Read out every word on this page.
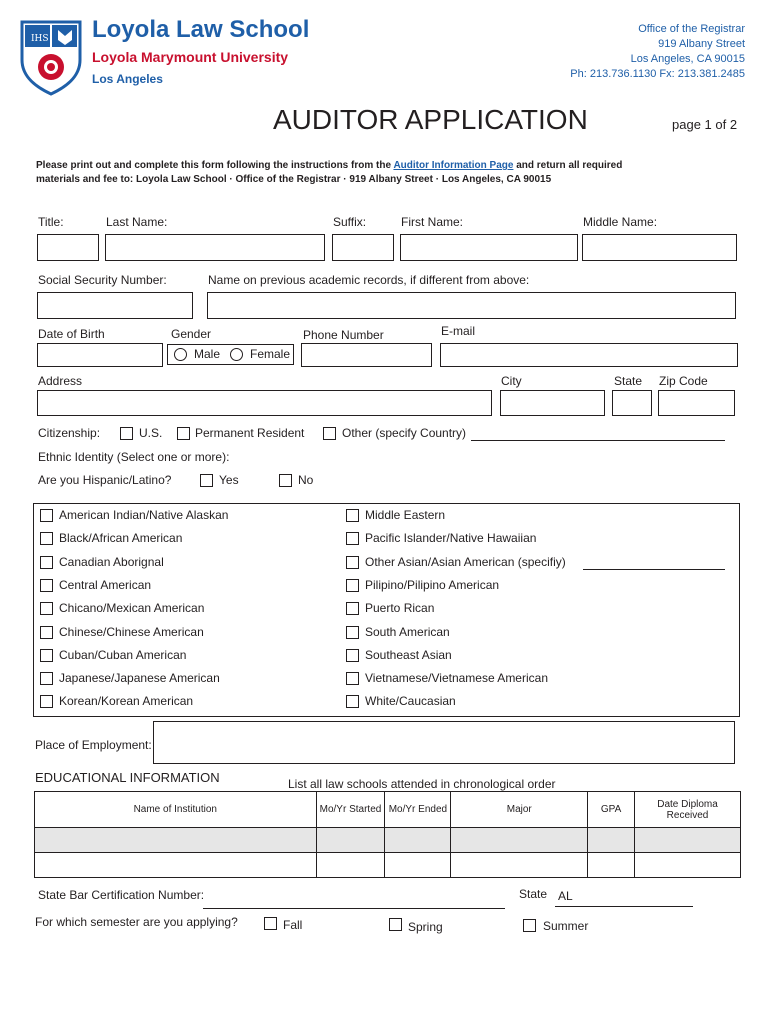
IHS Loyola Law School
Loyola Marymount University
Los Angeles
Office of the Registrar
919 Albany Street
Los Angeles, CA 90015
Ph: 213.736.1130 Fx: 213.381.2485
AUDITOR APPLICATION	page 1 of 2
Please print out and complete this form following the instructions from the Auditor Information Page and return all required
materials and fee to: Loyola Law School · Office of the Registrar · 919 Albany Street · Los Angeles, CA 90015
Title:	Last Name:	Suffix:	First Name:	Middle Name:
Social Security Number:	Name on previous academic records, if different from above:
Date of Birth	Gender	Phone Number	E-mail
Male Female
Address	City	State Zip Code
Citizenship:	U.S.	Permanent Resident	Other (specify Country)
Ethnic Identity (Select one or more):
Are you Hispanic/Latino?	Yes	No
American Indian/Native Alaskan
Black/African American
Canadian Aborignal
Central American
Chicano/Mexican American
Chinese/Chinese American
Cuban/Cuban American
Japanese/Japanese American
Korean/Korean American
Middle Eastern
Pacific Islander/Native Hawaiian
Other Asian/Asian American (specifiy)
Pilipino/Pilipino American
Puerto Rican
South American
Southeast Asian
Vietnamese/Vietnamese American
White/Caucasian
Place of Employment:
EDUCATIONAL INFORMATION	List all law schools attended in chronological order
Name of Institution	Mo/Yr Started	Mo/Yr Ended	Major	GPA	Date Diploma Received

State Bar Certification Number:	State AL
For which semester are you applying?	Fall	Spring	Summer
